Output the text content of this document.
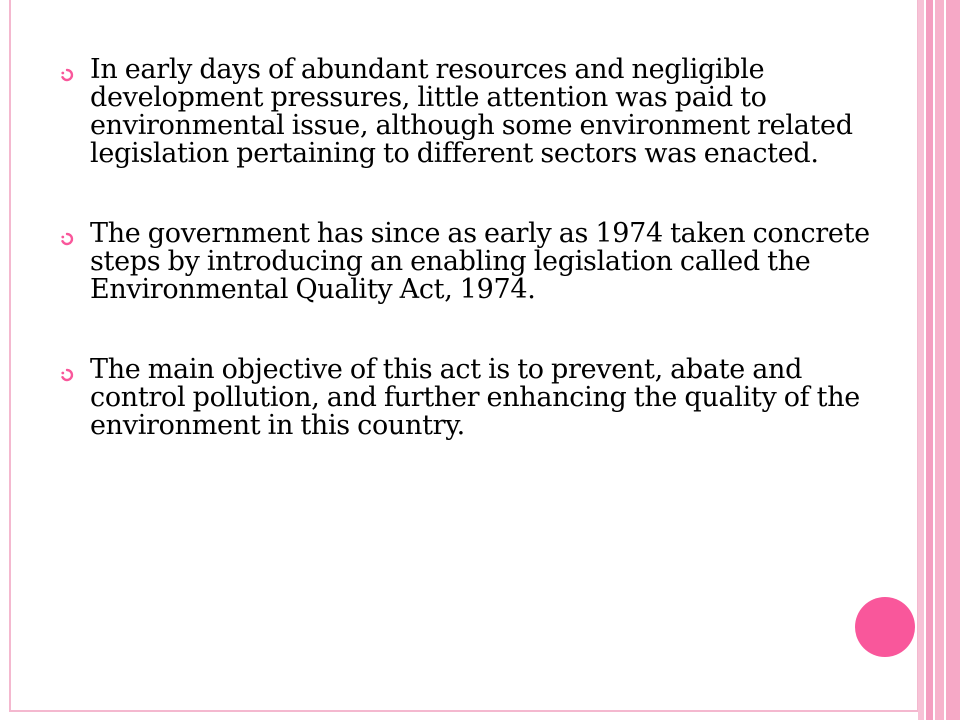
In early days of abundant resources and negligible development pressures, little attention was paid to environmental issue, although some environment related legislation pertaining to different sectors was enacted.
The government has since as early as 1974 taken concrete steps by introducing an enabling legislation called the Environmental Quality Act, 1974.
The main objective of this act is to prevent, abate and control pollution, and further enhancing the quality of the environment in this country.
